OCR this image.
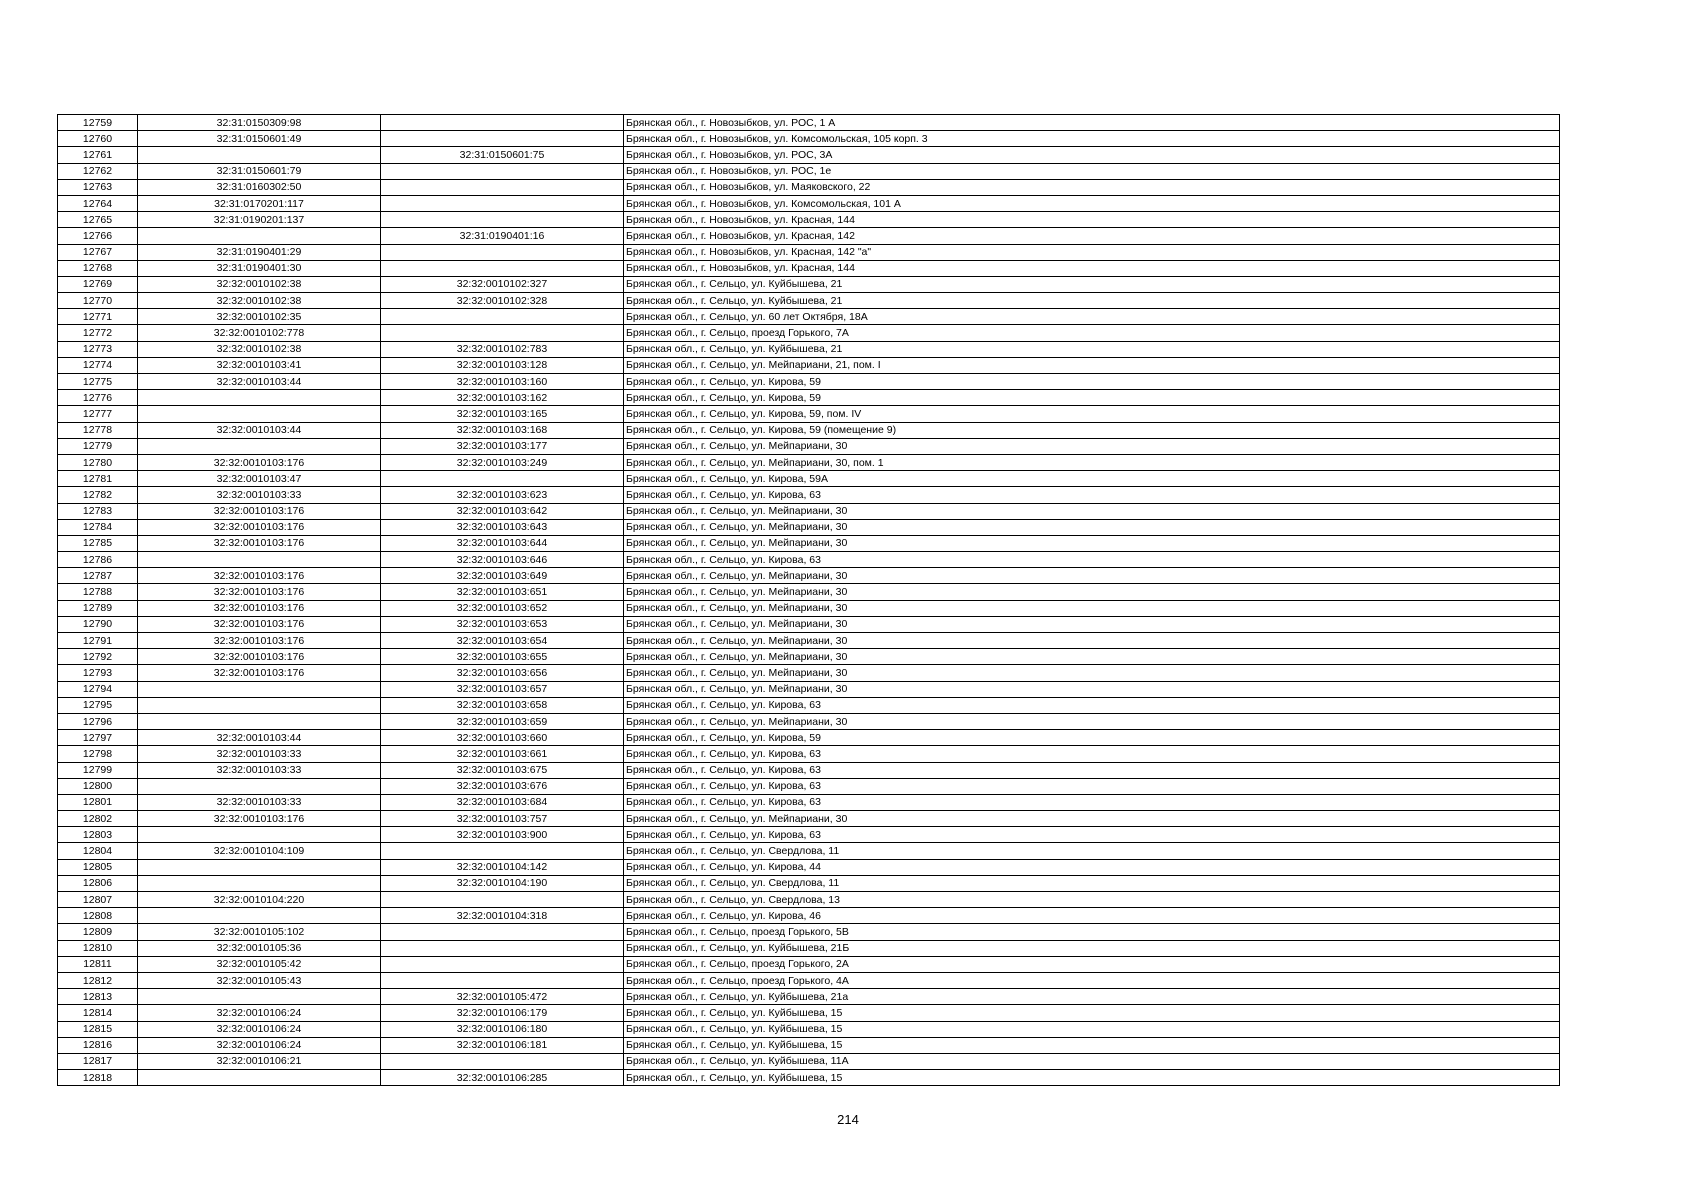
12759	32:31:0150309:98		Брянская обл., г. Новозыбков, ул. РОС, 1 А
12760	32:31:0150601:49		Брянская обл., г. Новозыбков, ул. Комсомольская, 105 корп. 3
12761		32:31:0150601:75	Брянская обл., г. Новозыбков, ул. РОС, 3А
12762	32:31:0150601:79		Брянская обл., г. Новозыбков, ул. РОС, 1е
12763	32:31:0160302:50		Брянская обл., г. Новозыбков, ул. Маяковского, 22
12764	32:31:0170201:117		Брянская обл., г. Новозыбков, ул. Комсомольская, 101 А
12765	32:31:0190201:137		Брянская обл., г. Новозыбков, ул. Красная, 144
12766		32:31:0190401:16	Брянская обл., г. Новозыбков, ул. Красная, 142
12767	32:31:0190401:29		Брянская обл., г. Новозыбков, ул. Красная, 142 "а"
12768	32:31:0190401:30		Брянская обл., г. Новозыбков, ул. Красная, 144
12769	32:32:0010102:38	32:32:0010102:327	Брянская обл., г. Сельцо, ул. Куйбышева, 21
12770	32:32:0010102:38	32:32:0010102:328	Брянская обл., г. Сельцо, ул. Куйбышева, 21
12771	32:32:0010102:35		Брянская обл., г. Сельцо, ул. 60 лет Октября, 18А
12772	32:32:0010102:778		Брянская обл., г. Сельцо, проезд Горького, 7А
12773	32:32:0010102:38	32:32:0010102:783	Брянская обл., г. Сельцо, ул. Куйбышева, 21
12774	32:32:0010103:41	32:32:0010103:128	Брянская обл., г. Сельцо, ул. Мейпариани, 21, пом. I
12775	32:32:0010103:44	32:32:0010103:160	Брянская обл., г. Сельцо, ул. Кирова, 59
12776		32:32:0010103:162	Брянская обл., г. Сельцо, ул. Кирова, 59
12777		32:32:0010103:165	Брянская обл., г. Сельцо, ул. Кирова, 59, пом. IV
12778	32:32:0010103:44	32:32:0010103:168	Брянская обл., г. Сельцо, ул. Кирова, 59 (помещение 9)
12779		32:32:0010103:177	Брянская обл., г. Сельцо, ул. Мейпариани, 30
12780	32:32:0010103:176	32:32:0010103:249	Брянская обл., г. Сельцо, ул. Мейпариани, 30, пом. 1
12781	32:32:0010103:47		Брянская обл., г. Сельцо, ул. Кирова, 59А
12782	32:32:0010103:33	32:32:0010103:623	Брянская обл., г. Сельцо, ул. Кирова, 63
12783	32:32:0010103:176	32:32:0010103:642	Брянская обл., г. Сельцо, ул. Мейпариани, 30
12784	32:32:0010103:176	32:32:0010103:643	Брянская обл., г. Сельцо, ул. Мейпариани, 30
12785	32:32:0010103:176	32:32:0010103:644	Брянская обл., г. Сельцо, ул. Мейпариани, 30
12786		32:32:0010103:646	Брянская обл., г. Сельцо, ул. Кирова, 63
12787	32:32:0010103:176	32:32:0010103:649	Брянская обл., г. Сельцо, ул. Мейпариани, 30
12788	32:32:0010103:176	32:32:0010103:651	Брянская обл., г. Сельцо, ул. Мейпариани, 30
12789	32:32:0010103:176	32:32:0010103:652	Брянская обл., г. Сельцо, ул. Мейпариани, 30
12790	32:32:0010103:176	32:32:0010103:653	Брянская обл., г. Сельцо, ул. Мейпариани, 30
12791	32:32:0010103:176	32:32:0010103:654	Брянская обл., г. Сельцо, ул. Мейпариани, 30
12792	32:32:0010103:176	32:32:0010103:655	Брянская обл., г. Сельцо, ул. Мейпариани, 30
12793	32:32:0010103:176	32:32:0010103:656	Брянская обл., г. Сельцо, ул. Мейпариани, 30
12794		32:32:0010103:657	Брянская обл., г. Сельцо, ул. Мейпариани, 30
12795		32:32:0010103:658	Брянская обл., г. Сельцо, ул. Кирова, 63
12796		32:32:0010103:659	Брянская обл., г. Сельцо, ул. Мейпариани, 30
12797	32:32:0010103:44	32:32:0010103:660	Брянская обл., г. Сельцо, ул. Кирова, 59
12798	32:32:0010103:33	32:32:0010103:661	Брянская обл., г. Сельцо, ул. Кирова, 63
12799	32:32:0010103:33	32:32:0010103:675	Брянская обл., г. Сельцо, ул. Кирова, 63
12800		32:32:0010103:676	Брянская обл., г. Сельцо, ул. Кирова, 63
12801	32:32:0010103:33	32:32:0010103:684	Брянская обл., г. Сельцо, ул. Кирова, 63
12802	32:32:0010103:176	32:32:0010103:757	Брянская обл., г. Сельцо, ул. Мейпариани, 30
12803		32:32:0010103:900	Брянская обл., г. Сельцо, ул. Кирова, 63
12804	32:32:0010104:109		Брянская обл., г. Сельцо, ул. Свердлова, 11
12805		32:32:0010104:142	Брянская обл., г. Сельцо, ул. Кирова, 44
12806		32:32:0010104:190	Брянская обл., г. Сельцо, ул. Свердлова, 11
12807	32:32:0010104:220		Брянская обл., г. Сельцо, ул. Свердлова, 13
12808		32:32:0010104:318	Брянская обл., г. Сельцо, ул. Кирова, 46
12809	32:32:0010105:102		Брянская обл., г. Сельцо, проезд Горького, 5В
12810	32:32:0010105:36		Брянская обл., г. Сельцо, ул. Куйбышева, 21Б
12811	32:32:0010105:42		Брянская обл., г. Сельцо, проезд Горького, 2А
12812	32:32:0010105:43		Брянская обл., г. Сельцо, проезд Горького, 4А
12813		32:32:0010105:472	Брянская обл., г. Сельцо, ул. Куйбышева, 21а
12814	32:32:0010106:24	32:32:0010106:179	Брянская обл., г. Сельцо, ул. Куйбышева, 15
12815	32:32:0010106:24	32:32:0010106:180	Брянская обл., г. Сельцо, ул. Куйбышева, 15
12816	32:32:0010106:24	32:32:0010106:181	Брянская обл., г. Сельцо, ул. Куйбышева, 15
12817	32:32:0010106:21		Брянская обл., г. Сельцо, ул. Куйбышева, 11А
12818		32:32:0010106:285	Брянская обл., г. Сельцо, ул. Куйбышева, 15
214
